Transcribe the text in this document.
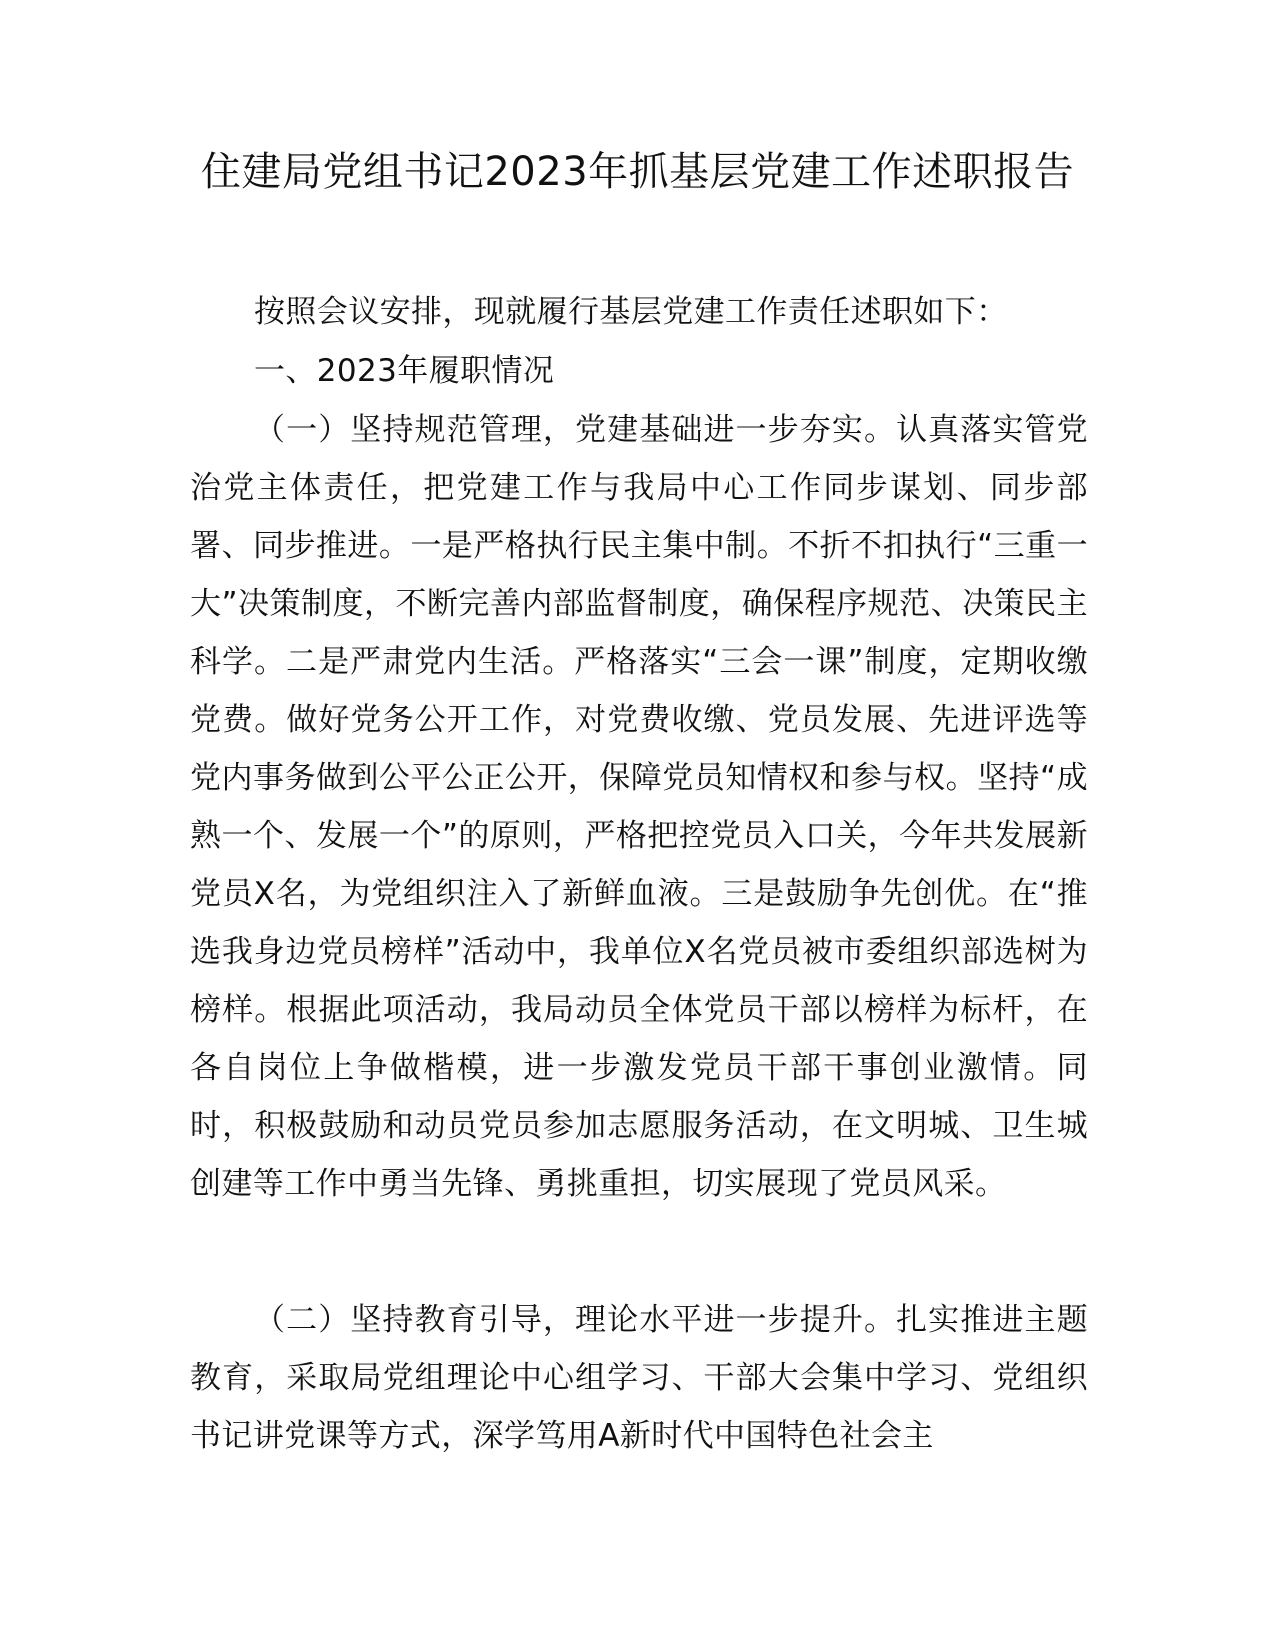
住建局党组书记2023年抓基层党建工作述职报告

按照会议安排，现就履行基层党建工作责任述职如下：

一、2023年履职情况

（一）坚持规范管理，党建基础进一步夯实。认真落实管党治党主体责任，把党建工作与我局中心工作同步谋划、同步部署、同步推进。一是严格执行民主集中制。不折不扣执行“三重一大”决策制度，不断完善内部监督制度，确保程序规范、决策民主科学。二是严肃党内生活。严格落实“三会一课”制度，定期收缴党费。做好党务公开工作，对党费收缴、党员发展、先进评选等党内事务做到公平公正公开，保障党员知情权和参与权。坚持“成熟一个、发展一个”的原则，严格把控党员入口关，今年共发展新党员X名，为党组织注入了新鲜血液。三是鼓励争先创优。在“推选我身边党员榜样”活动中，我单位X名党员被市委组织部选树为榜样。根据此项活动，我局动员全体党员干部以榜样为标杆，在各自岗位上争做楷模，进一步激发党员干部干事创业激情。同时，积极鼓励和动员党员参加志愿服务活动，在文明城、卫生城创建等工作中勇当先锋、勇挑重担，切实展现了党员风采。

（二）坚持教育引导，理论水平进一步提升。扎实推进主题教育，采取局党组理论中心组学习、干部大会集中学习、党组织书记讲党课等方式，深学笃用A新时代中国特色社会主
